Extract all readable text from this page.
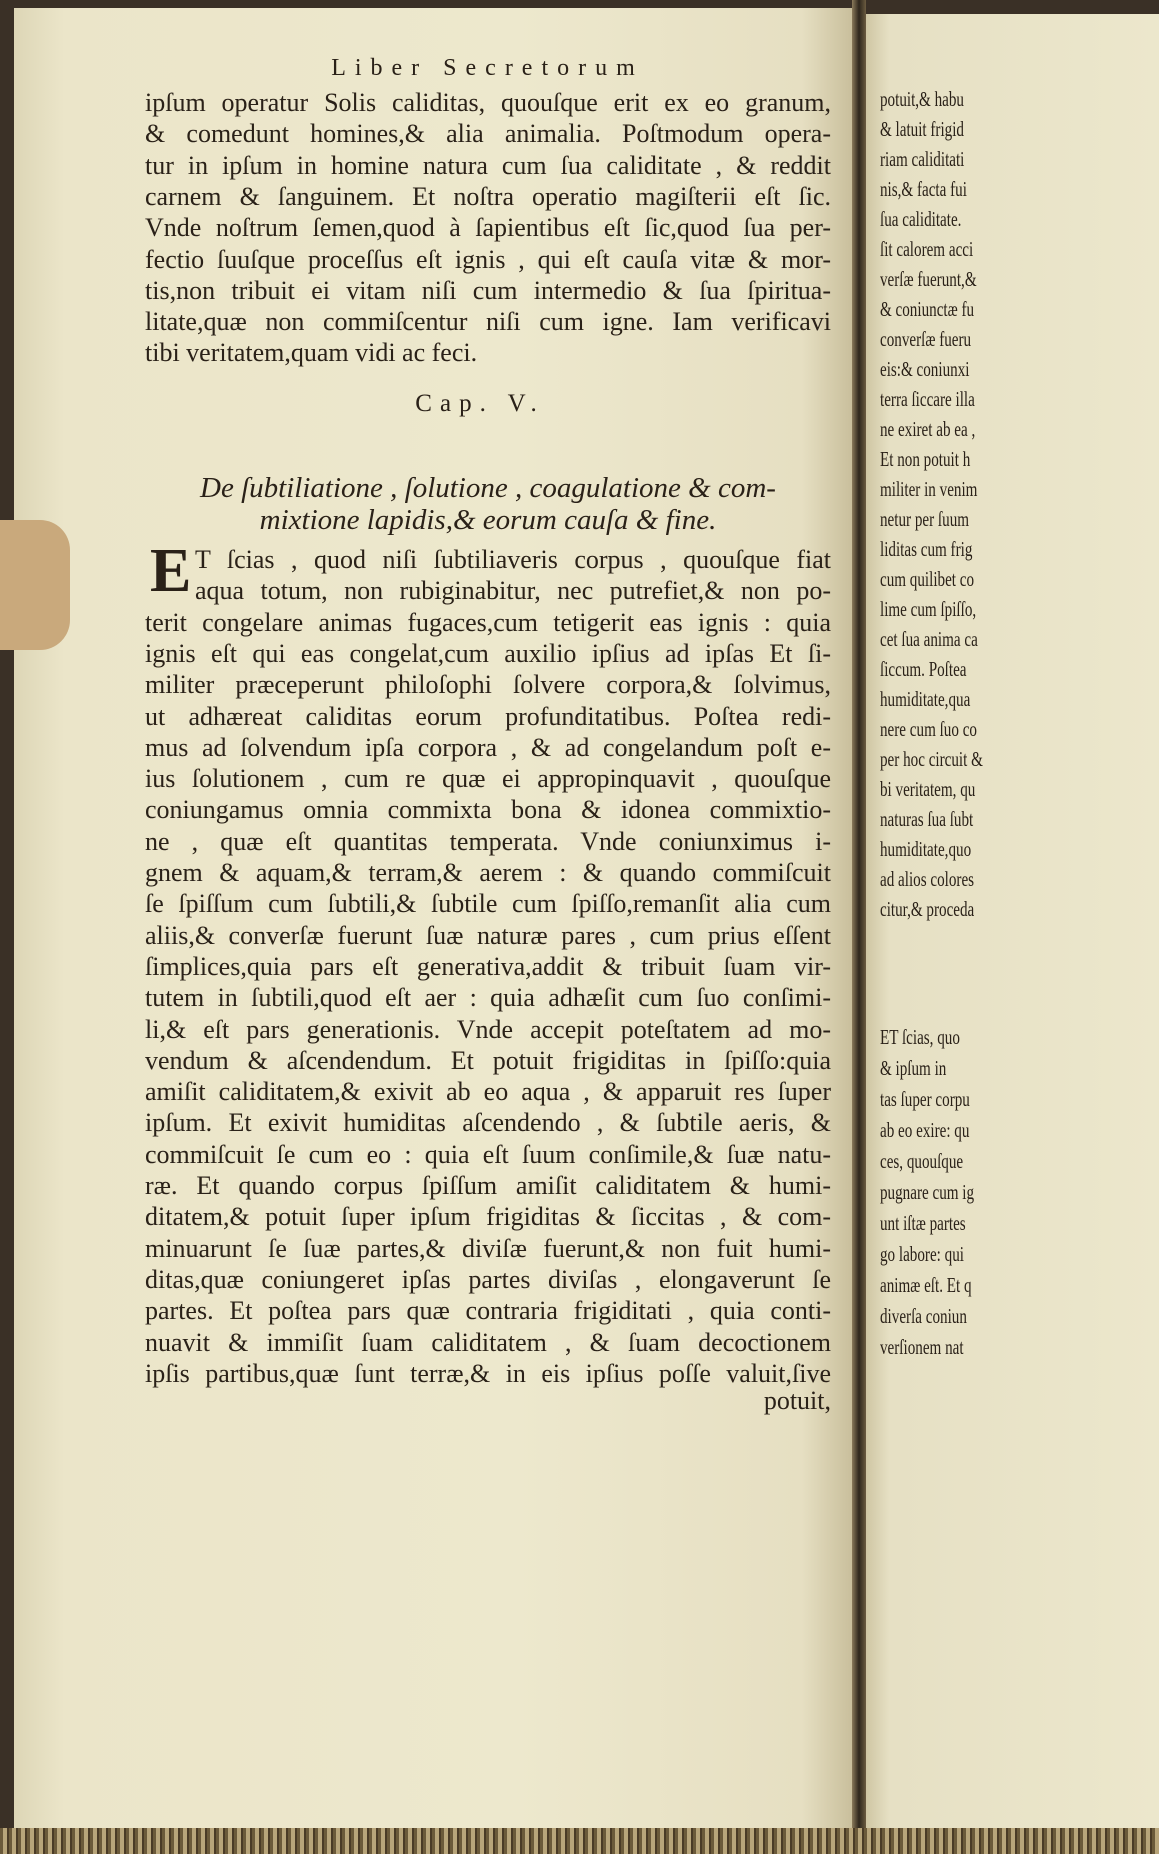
potuit,& habu
& latuit frigid
riam caliditati
nis,& facta fui
ſua caliditate.
ſit calorem acci
verſæ fuerunt,&
& coniunctæ fu
converſæ fueru
eis:& coniunxi
terra ſiccare illa
ne exiret ab ea ,
Et non potuit h
militer in venim
netur per ſuum
liditas cum frig
cum quilibet co
lime cum ſpiſſo,
cet ſua anima ca
ſiccum. Poſtea
humiditate,qua
nere cum ſuo co
per hoc circuit &
bi veritatem, qu
naturas ſua ſubt
humiditate,quo
ad alios colores
citur,& proceda
ET ſcias, quo
& ipſum in
tas ſuper corpu
ab eo exire: qu
ces, quouſque
pugnare cum ig
unt iſtæ partes
go labore: qui
animæ eſt. Et q
diverſa coniun
verſionem nat
Liber Secretorum
Cap. V.
De ſubtiliatione , ſolutione , coagulatione & com-
mixtione lapidis,& eorum cauſa & fine.
E
potuit,
ipſum operatur Solis caliditas, quouſque erit ex eo granum,
& comedunt homines,& alia animalia. Poſtmodum opera-
tur in ipſum in homine natura cum ſua caliditate , & reddit
carnem & ſanguinem. Et noſtra operatio magiſterii eſt ſic.
Vnde noſtrum ſemen,quod à ſapientibus eſt ſic,quod ſua per-
fectio ſuuſque proceſſus eſt ignis , qui eſt cauſa vitæ & mor-
tis,non tribuit ei vitam niſi cum intermedio & ſua ſpiritua-
litate,quæ non commiſcentur niſi cum igne. Iam verificavi
tibi veritatem,quam vidi ac feci.
T ſcias , quod niſi ſubtiliaveris corpus , quouſque fiat
aqua totum, non rubiginabitur, nec putrefiet,& non po-
terit congelare animas fugaces,cum tetigerit eas ignis : quia
ignis eſt qui eas congelat,cum auxilio ipſius ad ipſas Et ſi-
militer præceperunt philoſophi ſolvere corpora,& ſolvimus,
ut adhæreat caliditas eorum profunditatibus. Poſtea redi-
mus ad ſolvendum ipſa corpora , & ad congelandum poſt e-
ius ſolutionem , cum re quæ ei appropinquavit , quouſque
coniungamus omnia commixta bona & idonea commixtio-
ne , quæ eſt quantitas temperata. Vnde coniunximus i-
gnem & aquam,& terram,& aerem : & quando commiſcuit
ſe ſpiſſum cum ſubtili,& ſubtile cum ſpiſſo,remanſit alia cum
aliis,& converſæ fuerunt ſuæ naturæ pares , cum prius eſſent
ſimplices,quia pars eſt generativa,addit & tribuit ſuam vir-
tutem in ſubtili,quod eſt aer : quia adhæſit cum ſuo conſimi-
li,& eſt pars generationis. Vnde accepit poteſtatem ad mo-
vendum & aſcendendum. Et potuit frigiditas in ſpiſſo:quia
amiſit caliditatem,& exivit ab eo aqua , & apparuit res ſuper
ipſum. Et exivit humiditas aſcendendo , & ſubtile aeris, &
commiſcuit ſe cum eo : quia eſt ſuum conſimile,& ſuæ natu-
ræ. Et quando corpus ſpiſſum amiſit caliditatem & humi-
ditatem,& potuit ſuper ipſum frigiditas & ſiccitas , & com-
minuarunt ſe ſuæ partes,& diviſæ fuerunt,& non fuit humi-
ditas,quæ coniungeret ipſas partes diviſas , elongaverunt ſe
partes. Et poſtea pars quæ contraria frigiditati , quia conti-
nuavit & immiſit ſuam caliditatem , & ſuam decoctionem
ipſis partibus,quæ ſunt terræ,& in eis ipſius poſſe valuit,ſive
